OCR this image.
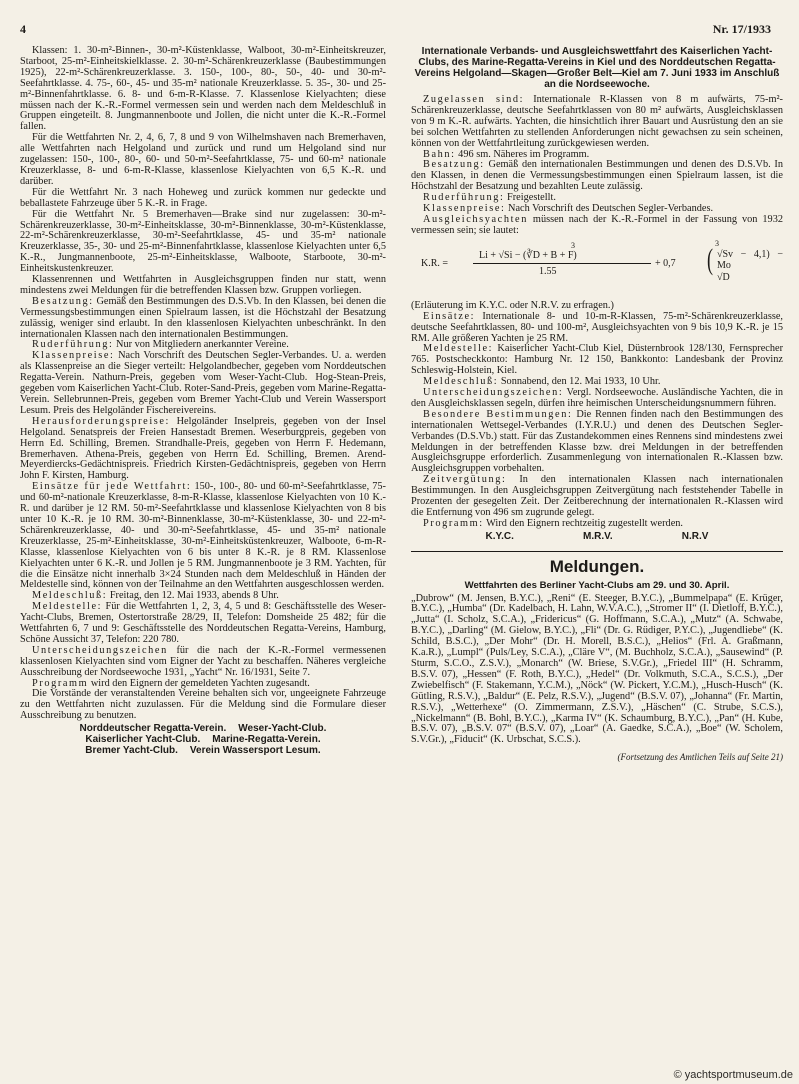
4	Nr. 17/1933

Klassen: 1. 30-m²-Binnen-, 30-m²-Küstenklasse, Walboot, 30-m²-Einheitskreuzer, Starboot, 25-m²-Einheitskielklasse. 2. 30-m²-Schärenkreuzerklasse (Baubestimmungen 1925), 22-m²-Schärenkreuzerklasse. 3. 150-, 100-, 80-, 50-, 40- und 30-m²-Seefahrtklasse. 4. 75-, 60-, 45- und 35-m² nationale Kreuzerklasse. 5. 35-, 30- und 25-m²-Binnenfahrtklasse. 6. 8- und 6-m-R-Klasse. 7. Klassenlose Kielyachten; diese müssen nach der K.-R.-Formel vermessen sein und werden nach dem Meldeschluß in Gruppen eingeteilt. 8. Jungmannenboote und Jollen, die nicht unter die K.-R.-Formel fallen.

Für die Wettfahrten Nr. 2, 4, 6, 7, 8 und 9 von Wilhelmshaven nach Bremerhaven, alle Wettfahrten nach Helgoland und zurück und rund um Helgoland sind nur zugelassen: 150-, 100-, 80-, 60- und 50-m²-Seefahrtklasse, 75- und 60-m² nationale Kreuzerklasse, 8- und 6-m-R-Klasse, klassenlose Kielyachten von 6,5 K.-R. und darüber.

Für die Wettfahrt Nr. 3 nach Hoheweg und zurück kommen nur gedeckte und beballastete Fahrzeuge über 5 K.-R. in Frage.

Für die Wettfahrt Nr. 5 Bremerhaven—Brake sind nur zugelassen: 30-m²-Schärenkreuzerklasse, 30-m²-Einheitsklasse, 30-m²-Binnenklasse, 30-m²-Küstenklasse, 22-m²-Schärenkreuzerklasse, 30-m²-Seefahrtklasse, 45- und 35-m² nationale Kreuzerklasse, 35-, 30- und 25-m²-Binnenfahrtklasse, klassenlose Kielyachten unter 6,5 K.-R., Jungmannenboote, 25-m²-Einheitsklasse, Walboote, Starboote, 30-m²-Einheitskustenkreuzer.

Klassenrennen und Wettfahrten in Ausgleichsgruppen finden nur statt, wenn mindestens zwei Meldungen für die betreffenden Klassen bzw. Gruppen vorliegen.

Besatzung: Gemäß den Bestimmungen des D.S.Vb. In den Klassen, bei denen die Vermessungsbestimmungen einen Spielraum lassen, ist die Höchstzahl der Besatzung zulässig, weniger sind erlaubt. In den klassenlosen Kielyachten unbeschränkt. In den internationalen Klassen nach den internationalen Bestimmungen.

Ruderführung: Nur von Mitgliedern anerkannter Vereine.

Klassenpreise: Nach Vorschrift des Deutschen Segler-Verbandes. U. a. werden als Klassenpreise an die Sieger verteilt: Helgolandbecher, gegeben vom Norddeutschen Regatta-Verein. Nathurn-Preis, gegeben vom Weser-Yacht-Club. Hog-Stean-Preis, gegeben vom Kaiserlichen Yacht-Club. Roter-Sand-Preis, gegeben vom Marine-Regatta-Verein. Sellebrunnen-Preis, gegeben vom Bremer Yacht-Club und Verein Wassersport Lesum. Preis des Helgoländer Fischereivereins.

Herausforderungspreise: Helgoländer Inselpreis, gegeben von der Insel Helgoland. Senatspreis der Freien Hansestadt Bremen. Weserburgpreis, gegeben von Herrn Ed. Schilling, Bremen. Strandhalle-Preis, gegeben von Herrn F. Hedemann, Bremerhaven. Athena-Preis, gegeben von Herrn Ed. Schilling, Bremen. Arend-Meyerdiercks-Gedächtnispreis. Friedrich Kirsten-Gedächtnispreis, gegeben von Herrn John F. Kirsten, Hamburg.

Einsätze für jede Wettfahrt: 150-, 100-, 80- und 60-m²-Seefahrtklasse, 75- und 60-m²-nationale Kreuzerklasse, 8-m-R-Klasse, klassenlose Kielyachten von 10 K.-R. und darüber je 12 RM. 50-m²-Seefahrtklasse und klassenlose Kielyachten von 8 bis unter 10 K.-R. je 10 RM. 30-m²-Binnenklasse, 30-m²-Küstenklasse, 30- und 22-m²-Schärenkreuzerklasse, 40- und 30-m²-Seefahrtklasse, 45- und 35-m² nationale Kreuzerklasse, 25-m²-Einheitsklasse, 30-m²-Einheitsküstenkreuzer, Walboote, 6-m-R-Klasse, klassenlose Kielyachten von 6 bis unter 8 K.-R. je 8 RM. Klassenlose Kielyachten unter 6 K.-R. und Jollen je 5 RM. Jungmannenboote je 3 RM. Yachten, für die die Einsätze nicht innerhalb 3×24 Stunden nach dem Meldeschluß in Händen der Meldestelle sind, können von der Teilnahme an den Wettfahrten ausgeschlossen werden.

Meldeschluß: Freitag, den 12. Mai 1933, abends 8 Uhr.

Meldestelle: Für die Wettfahrten 1, 2, 3, 4, 5 und 8: Geschäftsstelle des Weser-Yacht-Clubs, Bremen, Ostertorstraße 28/29, II, Telefon: Domsheide 25 482; für die Wettfahrten 6, 7 und 9: Geschäftsstelle des Norddeutschen Regatta-Vereins, Hamburg, Schöne Aussicht 37, Telefon: 220 780.

Unterscheidungszeichen für die nach der K.-R.-Formel vermessenen klassenlosen Kielyachten sind vom Eigner der Yacht zu beschaffen. Näheres vergleiche Ausschreibung der Nordseewoche 1931, „Yacht“ Nr. 16/1931, Seite 7.

Programm wird den Eignern der gemeldeten Yachten zugesandt.

Die Vorstände der veranstaltenden Vereine behalten sich vor, ungeeignete Fahrzeuge zu den Wettfahrten nicht zuzulassen. Für die Meldung sind die Formulare dieser Ausschreibung zu benutzen.

Norddeutscher Regatta-Verein. Weser-Yacht-Club.
Kaiserlicher Yacht-Club. Marine-Regatta-Verein.
Bremer Yacht-Club. Verein Wassersport Lesum.
Internationale Verbands- und Ausgleichswettfahrt des Kaiserlichen Yacht-Clubs, des Marine-Regatta-Vereins in Kiel und des Norddeutschen Regatta-Vereins Helgoland—Skagen—Großer Belt—Kiel am 7. Juni 1933 im Anschluß an die Nordseewoche.

Zugelassen sind: Internationale R-Klassen von 8 m aufwärts, 75-m²-Schärenkreuzerklasse, deutsche Seefahrtklassen von 80 m² aufwärts, Ausgleichsklassen von 9 m K.-R. aufwärts. Yachten, die hinsichtlich ihrer Bauart und Ausrüstung den an sie bei solchen Wettfahrten zu stellenden Anforderungen nicht gewachsen zu sein scheinen, können von der Wettfahrtleitung zurückgewiesen werden.

Bahn: 496 sm. Näheres im Programm.

Besatzung: Gemäß den internationalen Bestimmungen und denen des D.S.Vb. In den Klassen, in denen die Vermessungsbestimmungen einen Spielraum lassen, ist die Höchstzahl der Besatzung und bezahlten Leute zulässig.

Ruderführung: Freigestellt.

Klassenpreise: Nach Vorschrift des Deutschen Segler-Verbandes.

Ausgleichsyachten müssen nach der K.-R.-Formel in der Fassung von 1932 vermessen sein; sie lautet:

K.R. =
3
Li + √Si − (∛D + B + F)
1.55
+ 0,7 ( 3
√Sv − 4,1) − Mo
√D

(Erläuterung im K.Y.C. oder N.R.V. zu erfragen.)

Einsätze: Internationale 8- und 10-m-R-Klassen, 75-m²-Schärenkreuzerklasse, deutsche Seefahrtklassen, 80- und 100-m², Ausgleichsyachten von 9 bis 10,9 K.-R. je 15 RM. Alle größeren Yachten je 25 RM.

Meldestelle: Kaiserlicher Yacht-Club Kiel, Düsternbrook 128/130, Fernsprecher 765. Postscheckkonto: Hamburg Nr. 12 150, Bankkonto: Landesbank der Provinz Schleswig-Holstein, Kiel.

Meldeschluß: Sonnabend, den 12. Mai 1933, 10 Uhr.

Unterscheidungszeichen: Vergl. Nordseewoche. Ausländische Yachten, die in den Ausgleichsklassen segeln, dürfen ihre heimischen Unterscheidungsnummern führen.

Besondere Bestimmungen: Die Rennen finden nach den Bestimmungen des internationalen Wettsegel-Verbandes (I.Y.R.U.) und denen des Deutschen Segler-Verbandes (D.S.Vb.) statt. Für das Zustandekommen eines Rennens sind mindestens zwei Meldungen in der betreffenden Klasse bzw. drei Meldungen in der betreffenden Ausgleichsgruppe erforderlich. Zusammenlegung von internationalen R.-Klassen bzw. Ausgleichsgruppen vorbehalten.

Zeitvergütung: In den internationalen Klassen nach internationalen Bestimmungen. In den Ausgleichsgruppen Zeitvergütung nach feststehender Tabelle in Prozenten der gesegelten Zeit. Der Zeitberechnung der internationalen R.-Klassen wird die Entfernung von 496 sm zugrunde gelegt.

Programm: Wird den Eignern rechtzeitig zugestellt werden.

K.Y.C.	M.R.V.	N.R.V
Meldungen.
Wettfahrten des Berliner Yacht-Clubs am 29. und 30. April.

„Dubrow“ (M. Jensen, B.Y.C.), „Reni“ (E. Steeger, B.Y.C.), „Bummelpapa“ (E. Krüger, B.Y.C.), „Humba“ (Dr. Kadelbach, H. Lahn, W.V.A.C.), „Stromer II“ (I. Dietloff, B.Y.C.), „Jutta“ (I. Scholz, S.C.A.), „Fridericus“ (G. Hoffmann, S.C.A.), „Mutz“ (A. Schwabe, B.Y.C.), „Darling“ (M. Gielow, B.Y.C.), „Fli“ (Dr. G. Rüdiger, P.Y.C.), „Jugendliebe“ (K. Schild, B.S.C.), „Der Mohr“ (Dr. H. Morell, B.S.C.), „Helios“ (Frl. A. Graßmann, K.a.R.), „Lumpl“ (Puls/Ley, S.C.A.), „Cläre V“, (M. Buchholz, S.C.A.), „Sausewind“ (P. Sturm, S.C.O., Z.S.V.), „Monarch“ (W. Briese, S.V.Gr.), „Friedel III“ (H. Schramm, B.S.V. 07), „Hessen“ (F. Roth, B.Y.C.), „Hedel“ (Dr. Volkmuth, S.C.A., S.C.S.), „Der Zwiebelfisch“ (F. Stakemann, Y.C.M.), „Nöck“ (W. Pickert, Y.C.M.), „Husch-Husch“ (K. Gütling, R.S.V.), „Baldur“ (E. Pelz, R.S.V.), „Jugend“ (B.S.V. 07), „Johanna“ (Fr. Martin, R.S.V.), „Wetterhexe“ (O. Zimmermann, Z.S.V.), „Häschen“ (C. Strube, S.C.S.), „Nickelmann“ (B. Bohl, B.Y.C.), „Karma IV“ (K. Schaumburg, B.Y.C.), „Pan“ (H. Kube, B.S.V. 07), „B.S.V. 07“ (B.S.V. 07), „Loar“ (A. Gaedke, S.C.A.), „Boe“ (W. Scholem, S.V.Gr.), „Fiducit“ (K. Urbschat, S.C.S.).

(Fortsetzung des Amtlichen Teils auf Seite 21)
© yachtsportmuseum.de
